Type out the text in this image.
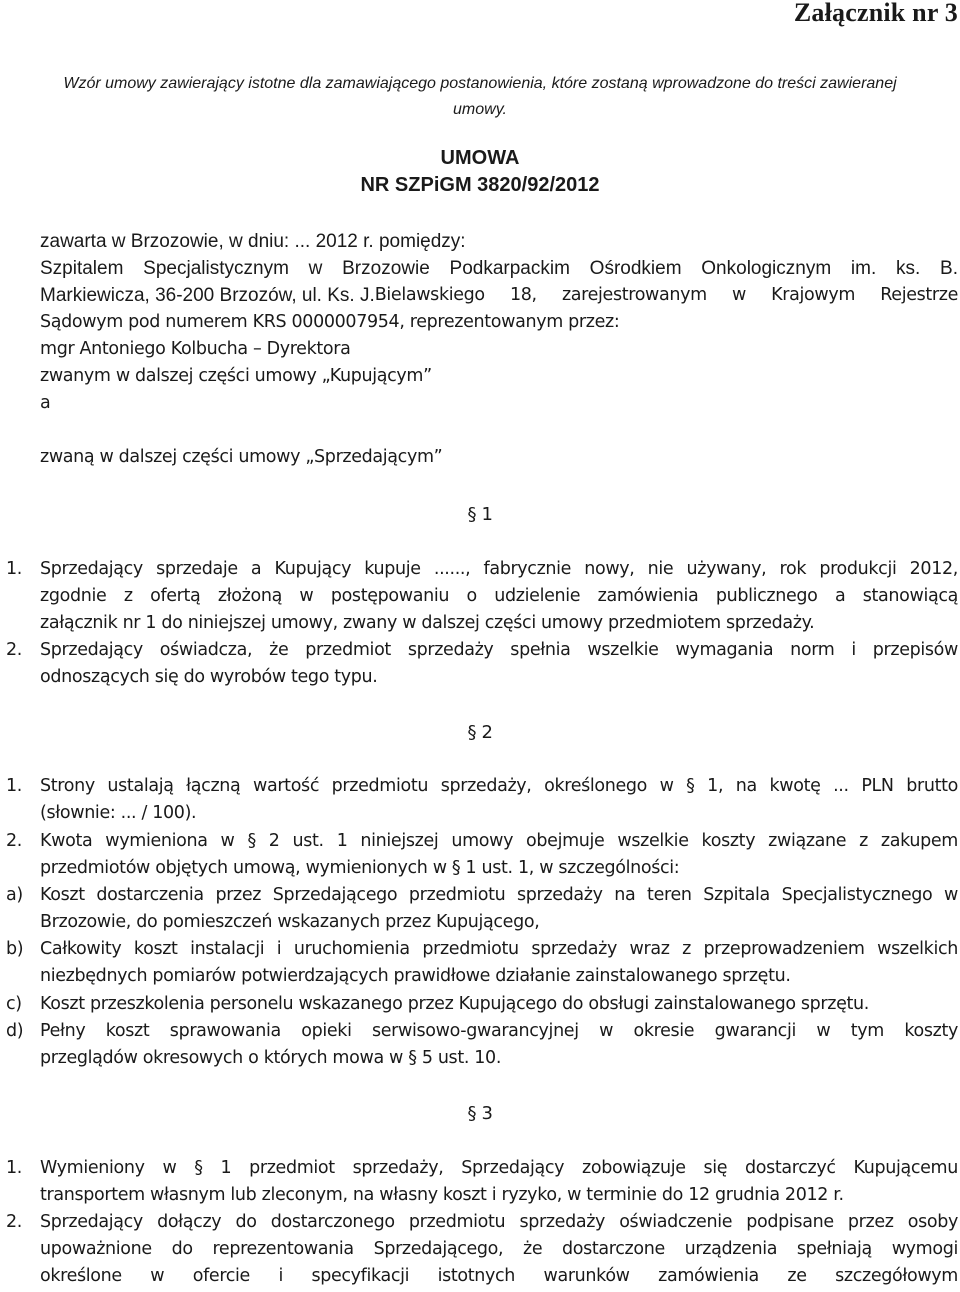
Załącznik nr 3
Wzór umowy zawierający istotne dla zamawiającego postanowienia, które zostaną wprowadzone do treści zawieranej umowy.
UMOWA
NR SZPiGM 3820/92/2012
zawarta w Brzozowie, w dniu: ... 2012 r. pomiędzy:
Szpitalem Specjalistycznym w Brzozowie Podkarpackim Ośrodkiem Onkologicznym im. ks. B.
Markiewicza, 36-200 Brzozów, ul. Ks. J. Bielawskiego 18, zarejestrowanym w Krajowym Rejestrze
Sądowym pod numerem KRS 0000007954, reprezentowanym przez:
mgr Antoniego Kolbucha – Dyrektora
zwanym w dalszej części umowy „Kupującym”
a
zwaną w dalszej części umowy „Sprzedającym”
§ 1
1. Sprzedający sprzedaje a Kupujący kupuje ......, fabrycznie nowy, nie używany, rok produkcji 2012,
zgodnie z ofertą złożoną w postępowaniu o udzielenie zamówienia publicznego a stanowiącą
załącznik nr 1 do niniejszej umowy, zwany w dalszej części umowy przedmiotem sprzedaży.
2. Sprzedający oświadcza, że przedmiot sprzedaży spełnia wszelkie wymagania norm i przepisów
odnoszących się do wyrobów tego typu.
§ 2
1. Strony ustalają łączną wartość przedmiotu sprzedaży, określonego w § 1, na kwotę ... PLN brutto
(słownie: ... / 100).
2. Kwota wymieniona w § 2 ust. 1 niniejszej umowy obejmuje wszelkie koszty związane z zakupem
przedmiotów objętych umową, wymienionych w § 1 ust. 1, w szczególności:
a) Koszt dostarczenia przez Sprzedającego przedmiotu sprzedaży na teren Szpitala Specjalistycznego w
Brzozowie, do pomieszczeń wskazanych przez Kupującego,
b) Całkowity koszt instalacji i uruchomienia przedmiotu sprzedaży wraz z przeprowadzeniem wszelkich
niezbędnych pomiarów potwierdzających prawidłowe działanie zainstalowanego sprzętu.
c) Koszt przeszkolenia personelu wskazanego przez Kupującego do obsługi zainstalowanego sprzętu.
d) Pełny koszt sprawowania opieki serwisowo-gwarancyjnej w okresie gwarancji w tym koszty
przeglądów okresowych o których mowa w § 5 ust. 10.
§ 3
1. Wymieniony w § 1 przedmiot sprzedaży, Sprzedający zobowiązuje się dostarczyć Kupującemu
transportem własnym lub zleconym, na własny koszt i ryzyko, w terminie do 12 grudnia 2012 r.
2. Sprzedający dołączy do dostarczonego przedmiotu sprzedaży oświadczenie podpisane przez osoby
upoważnione do reprezentowania Sprzedającego, że dostarczone urządzenia spełniają wymogi
określone w ofercie i specyfikacji istotnych warunków zamówienia ze szczegółowym
